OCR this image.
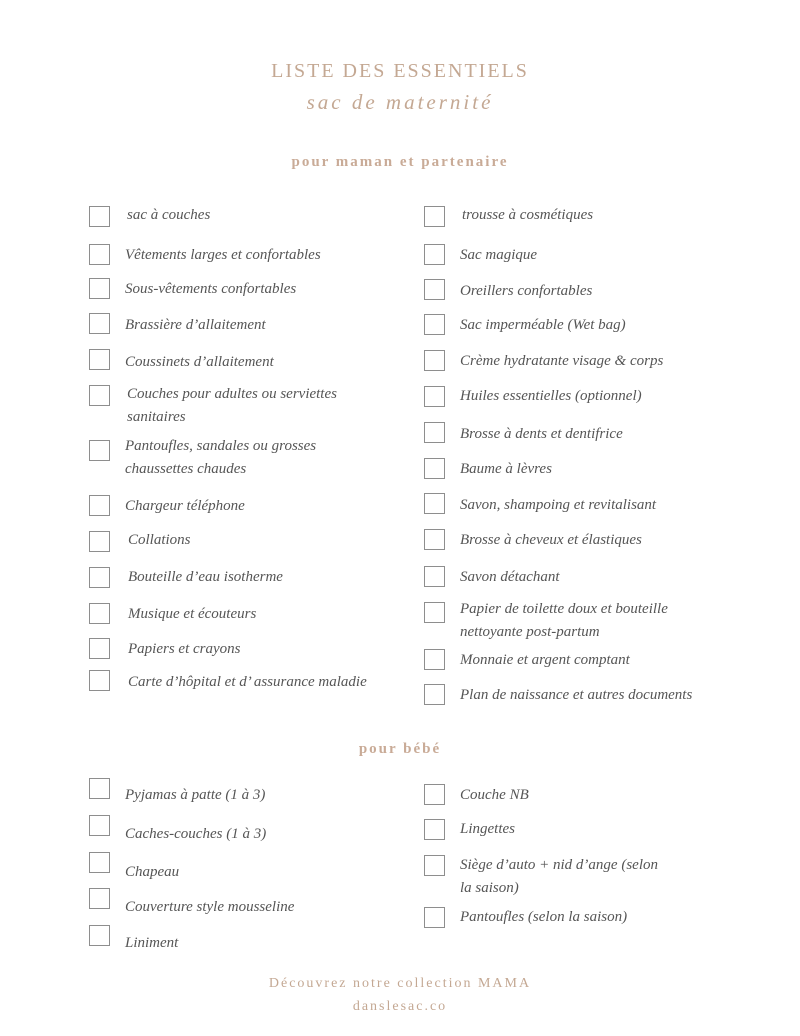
LISTE DES ESSENTIELS
sac de maternité
pour maman et partenaire
sac à couches
Vêtements larges et confortables
Sous-vêtements confortables
Brassière d’allaitement
Coussinets d’allaitement
Couches pour adultes ou serviettes sanitaires
Pantoufles, sandales ou grosses chaussettes chaudes
Chargeur téléphone
Collations
Bouteille d’eau isotherme
Musique et écouteurs
Papiers et crayons
Carte d’hôpital et d’ assurance maladie
trousse à cosmétiques
Sac magique
Oreillers confortables
Sac imperméable (Wet bag)
Crème hydratante visage & corps
Huiles essentielles (optionnel)
Brosse à dents et dentifrice
Baume à lèvres
Savon, shampoing et revitalisant
Brosse à cheveux et élastiques
Savon détachant
Papier de toilette doux et bouteille nettoyante post-partum
Monnaie et argent comptant
Plan de naissance et autres documents
pour bébé
Pyjamas à patte (1 à 3)
Caches-couches (1 à 3)
Chapeau
Couverture style mousseline
Liniment
Couche NB
Lingettes
Siège d’auto + nid d’ange (selon la saison)
Pantoufles (selon la saison)
Découvrez notre collection MAMA
danslesac.co
